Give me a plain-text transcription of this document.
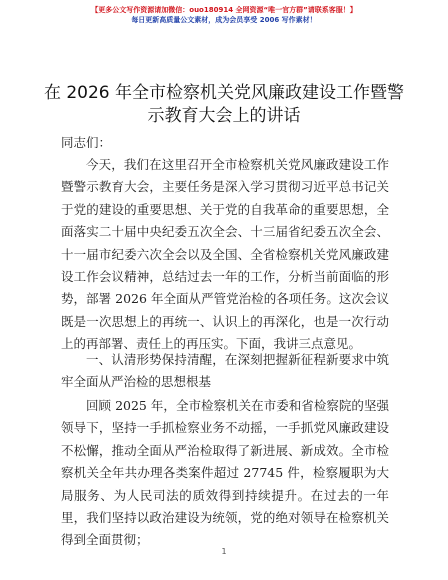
【更多公文写作资源请加微信：ouo180914 全网资源“唯一官方群”请联系客服！】
每日更新高质量公文素材，成为会员享受 2006 写作素材！
在 2026 年全市检察机关党风廉政建设工作暨警示教育大会上的讲话

同志们：

今天，我们在这里召开全市检察机关党风廉政建设工作暨警示教育大会，主要任务是深入学习贯彻习近平总书记关于党的建设的重要思想、关于党的自我革命的重要思想，全面落实二十届中央纪委五次全会、十三届省纪委五次全会、十一届市纪委六次全会以及全国、全省检察机关党风廉政建设工作会议精神，总结过去一年的工作，分析当前面临的形势，部署 2026 年全面从严管党治检的各项任务。这次会议既是一次思想上的再统一、认识上的再深化，也是一次行动上的再部署、责任上的再压实。下面，我讲三点意见。

一、认清形势保持清醒，在深刻把握新征程新要求中筑牢全面从严治检的思想根基

回顾 2025 年，全市检察机关在市委和省检察院的坚强领导下，坚持一手抓检察业务不动摇，一手抓党风廉政建设不松懈，推动全面从严治检取得了新进展、新成效。全市检察机关全年共办理各类案件超过 27745 件，检察履职为大局服务、为人民司法的质效得到持续提升。在过去的一年里，我们坚持以政治建设为统领，党的绝对领导在检察机关得到全面贯彻；

1
